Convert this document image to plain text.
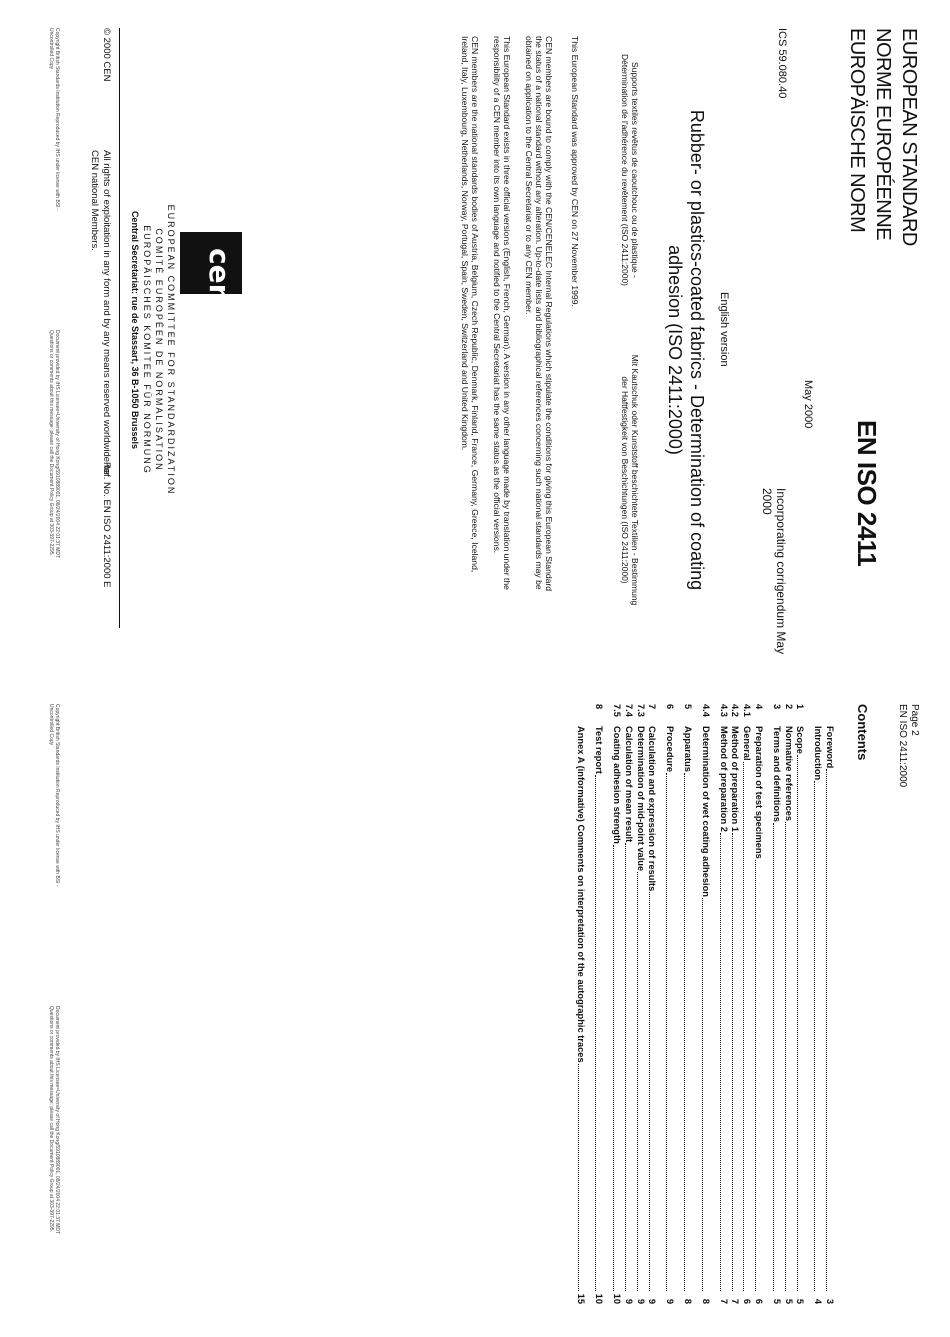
EUROPEAN STANDARD
NORME EUROPÉENNE
EUROPÄISCHE NORM
EN ISO 2411
May 2000
ICS 59.080.40
Incorporating corrigendum May 2000
English version
Rubber- or plastics-coated fabrics - Determination of coating adhesion (ISO 2411:2000)
Supports textiles revêtus de caoutchouc ou de plastique - Détermination de l'adhérence du revêtement (ISO 2411:2000)
Mit Kautschuk oder Kunststoff beschichtete Textilien - Bestimmung der Haftfestigkeit von Beschichtungen (ISO 2411:2000)
This European Standard was approved by CEN on 27 November 1999.
CEN members are bound to comply with the CEN/CENELEC Internal Regulations which stipulate the conditions for giving this European Standard the status of a national standard without any alteration. Up-to-date lists and bibliographical references concerning such national standards may be obtained on application to the Central Secretariat or to any CEN member.
This European Standard exists in three official versions (English, French, German). A version in any other language made by translation under the responsibility of a CEN member into its own language and notified to the Central Secretariat has the same status as the official versions.
CEN members are the national standards bodies of Austria, Belgium, Czech Republic, Denmark, Finland, France, Germany, Greece, Iceland, Ireland, Italy, Luxembourg, Netherlands, Norway, Portugal, Spain, Sweden, Switzerland and United Kingdom.
cen
EUROPEAN COMMITTEE FOR STANDARDIZATION
COMITÉ EUROPÉEN DE NORMALISATION
EUROPÄISCHES KOMITEE FÜR NORMUNG
Central Secretariat: rue de Stassart, 36 B-1050 Brussels
© 2000 CEN
All rights of exploitation in any form and by any means reserved worldwide for CEN national Members.
Ref. No. EN ISO 2411:2000 E
Copyright British Standards Institution Reproduced by IHS under license with BSI - Uncontrolled Copy
Document provided by IHS Licensee=University of Hong Kong/5910889001, 08/24/2004 22:01:37 MDT Questions or comments about this message: please call the Document Policy Group at 303-397-2295.
Page 2
EN ISO 2411:2000
Contents
Foreword
3
Introduction
4
1
Scope
5
2
Normative references
5
3
Terms and definitions
5
4
Preparation of test specimens
6
4.1
General
6
4.2
Method of preparation 1
7
4.3
Method of preparation 2
7
4.4
Determination of wet coating adhesion
8
5
Apparatus
8
6
Procedure
9
7
Calculation and expression of results
9
7.3
Determination of mid-point value
9
7.4
Calculation of mean result
9
7.5
Coating adhesion strength
10
8
Test report
10
Annex A (informative) Comments on interpretation of the autographic traces
15
Copyright British Standards Institution Reproduced by IHS under license with BSI - Uncontrolled Copy
Document provided by IHS Licensee=University of Hong Kong/5910889001, 08/24/2004 22:01:37 MDT Questions or comments about this message: please call the Document Policy Group at 303-397-2295.
